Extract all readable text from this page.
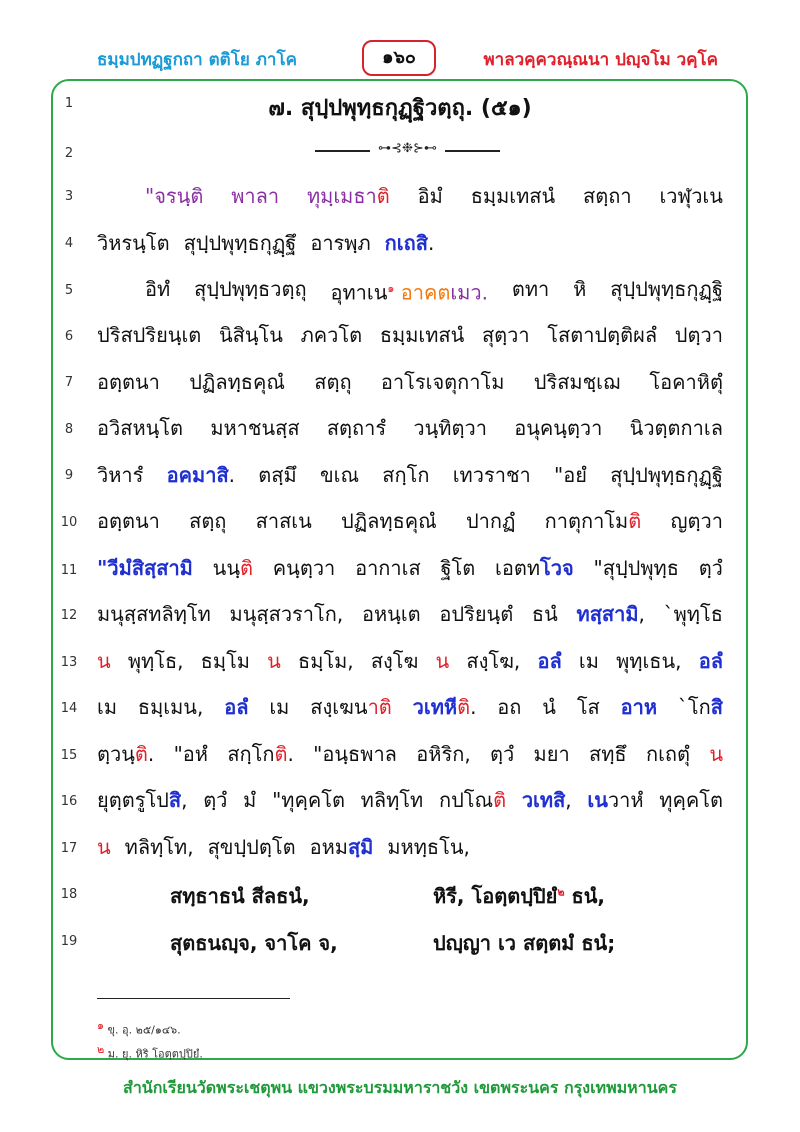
ธมฺมปทฏฺฐกถา ตติโย ภาโค	๑๖๐	พาลวคฺควณฺณนา ปญฺจโม วคฺโค
1
2
3
4
5
6
7
8
9
10
11
12
13
14
15
16
17
18
19
๗. สุปฺปพุทฺธกุฏฺฐิวตฺถุ. (๕๑)
⊶⊰❉⊱⊷
"จรนฺติ พาลา ทุมฺเมธาติ อิมํ ธมฺมเทสนํ สตฺถา เวฬุวเน
วิหรนฺโต สุปฺปพุทฺธกุฏฺฐึ อารพฺภ กเถสิ.
อิทํ สุปฺปพุทฺธวตฺถุ อุทาเน$^๑$ อาคตเมว. ตทา หิ สุปฺปพุทฺธกุฏฺฐิ
ปริสปริยนฺเต นิสินฺโน ภควโต ธมฺมเทสนํ สุตฺวา โสตาปตฺติผลํ ปตฺวา
อตฺตนา ปฏิลทฺธคุณํ สตฺถุ อาโรเจตุกาโม ปริสมชฺเฌ โอคาหิตุํ
อวิสหนฺโต มหาชนสฺส สตฺถารํ วนฺทิตฺวา อนุคนฺตฺวา นิวตฺตกาเล
วิหารํ อคมาสิ. ตสฺมึ ขเณ สกฺโก เทวราชา "อยํ สุปฺปพุทฺธกุฏฺฐิ
อตฺตนา สตฺถุ สาสเน ปฏิลทฺธคุณํ ปากฏํ กาตุกาโมติ ญตฺวา
"วีมํสิสฺสามิ นนฺติ คนฺตฺวา อากาเส ฐิโต เอตทโวจ "สุปฺปพุทฺธ ตฺวํ
มนุสฺสทลิทฺโท มนุสฺสวราโก, อหนฺเต อปริยนฺตํ ธนํ ทสฺสามิ, `พุทฺโธ
น พุทฺโธ, ธมฺโม น ธมฺโม, สงฺโฆ น สงฺโฆ, อลํ เม พุทฺเธน, อลํ
เม ธมฺเมน, อลํ เม สงฺเฆนาติ วเทหีติ. อถ นํ โส อาห `โกสิ
ตฺวนฺติ. "อหํ สกฺโกติ. "อนฺธพาล อหิริก, ตฺวํ มยา สทฺธึ กเถตุํ น
ยุตฺตรูโปสิ, ตฺวํ มํ "ทุคฺคโต ทลิทฺโท กปโณติ วเทสิ, เนวาหํ ทุคฺคโต
น ทลิทฺโท, สุขปฺปตฺโต อหมสฺมิ มหทฺธโน,
สทฺธาธนํ สีลธนํ,	หิรี, โอตฺตปฺปิยํ$^๒$ ธนํ,
สุตธนญฺจ, จาโค จ,	ปญฺญา เว สตฺตมํ ธนํ;
$^๑$ ขุ. อุ. ๒๕/๑๔๖.
$^๒$ ม. ยุ. หิริ โอตฺตปฺปิยํ.
สำนักเรียนวัดพระเชตุพน แขวงพระบรมมหาราชวัง เขตพระนคร กรุงเทพมหานคร
